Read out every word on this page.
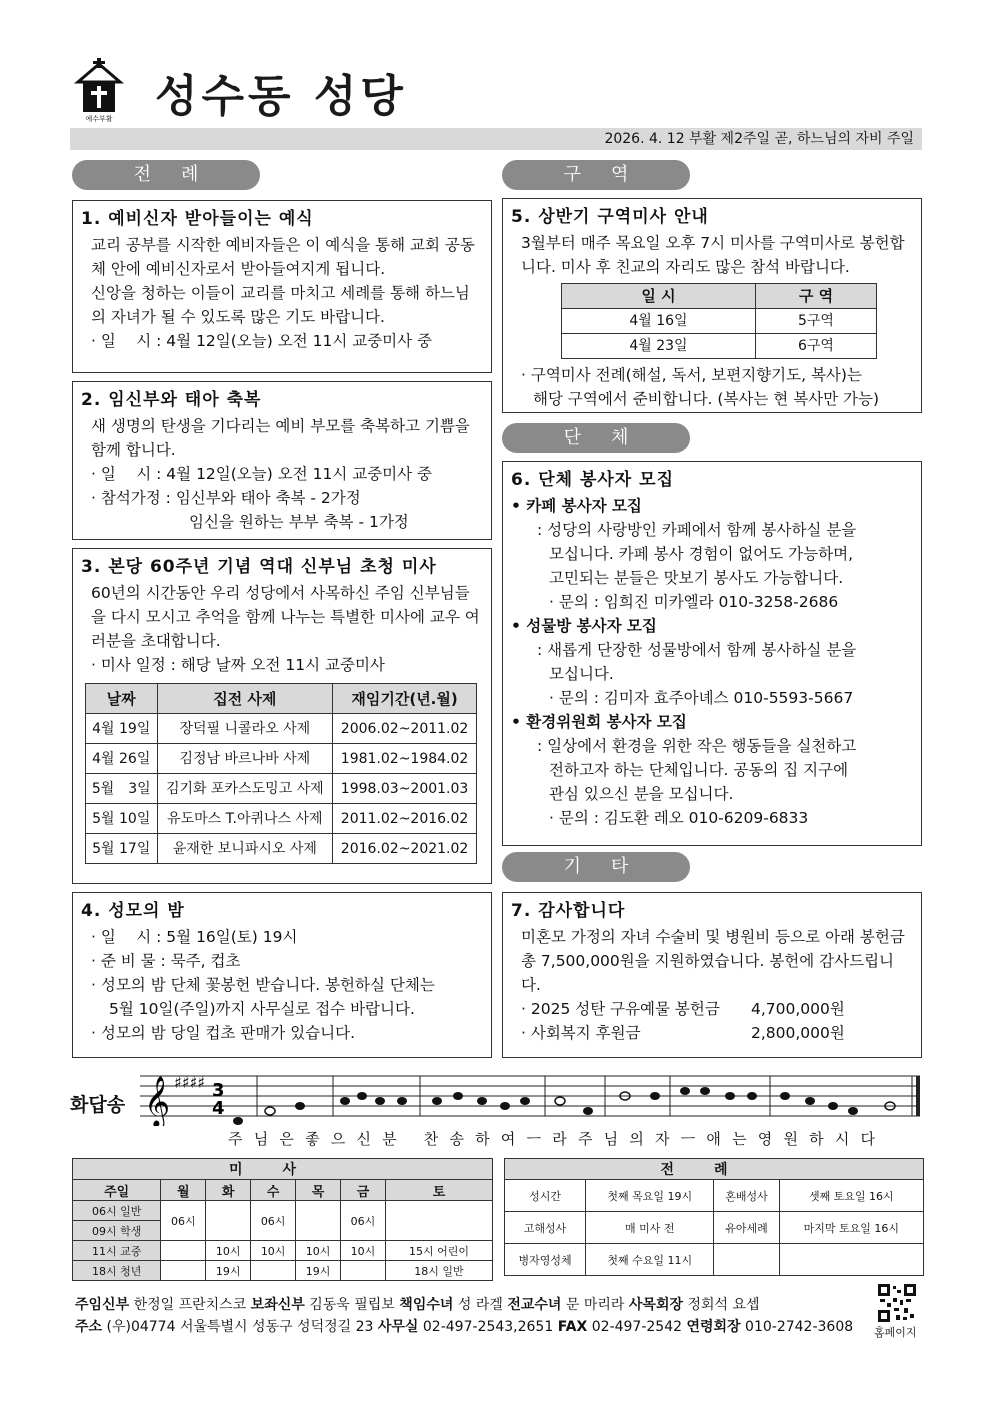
예수부활 성수동 성당
2026. 4. 12 부활 제2주일 곧, 하느님의 자비 주일
전례	구역
단체
기타
1. 예비신자 받아들이는 예식

교리 공부를 시작한 예비자들은 이 예식을 통해 교회 공동체 안에 예비신자로서 받아들여지게 됩니다.

신앙을 청하는 이들이 교리를 마치고 세례를 통해 하느님의 자녀가 될 수 있도록 많은 기도 바랍니다.

· 일　 시 : 4월 12일(오늘) 오전 11시 교중미사 중

2. 임신부와 태아 축복

새 생명의 탄생을 기다리는 예비 부모를 축복하고 기쁨을 함께 합니다.

· 일　 시 : 4월 12일(오늘) 오전 11시 교중미사 중

· 참석가정 : 임신부와 태아 축복 - 2가정

임신을 원하는 부부 축복 - 1가정

3. 본당 60주년 기념 역대 신부님 초청 미사

60년의 시간동안 우리 성당에서 사목하신 주임 신부님들을 다시 모시고 추억을 함께 나누는 특별한 미사에 교우 여러분을 초대합니다.

· 미사 일정 : 해당 날짜 오전 11시 교중미사

날짜	집전 사제	재임기간(년.월)
4월 19일	장덕필 니콜라오 사제	2006.02~2011.02
4월 26일	김정남 바르나바 사제	1981.02~1984.02
5월　3일	김기화 포카스도밍고 사제	1998.03~2001.03
5월 10일	유도마스 T.아퀴나스 사제	2011.02~2016.02
5월 17일	윤재한 보니파시오 사제	2016.02~2021.02
4. 성모의 밤

· 일　 시 : 5월 16일(토) 19시

· 준 비 물 : 묵주, 컵초

· 성모의 밤 단체 꽃봉헌 받습니다. 봉헌하실 단체는

5월 10일(주일)까지 사무실로 접수 바랍니다.

· 성모의 밤 당일 컵초 판매가 있습니다.

5. 상반기 구역미사 안내

3월부터 매주 목요일 오후 7시 미사를 구역미사로 봉헌합니다. 미사 후 친교의 자리도 많은 참석 바랍니다.

일 시	구 역
4월 16일	5구역
4월 23일	6구역

· 구역미사 전례(해설, 독서, 보편지향기도, 복사)는

해당 구역에서 준비합니다. (복사는 현 복사만 가능)

6. 단체 봉사자 모집

• 카페 봉사자 모집

: 성당의 사랑방인 카페에서 함께 봉사하실 분을

모십니다. 카페 봉사 경험이 없어도 가능하며,

고민되는 분들은 맛보기 봉사도 가능합니다.

· 문의 : 임희진 미카엘라 010-3258-2686

• 성물방 봉사자 모집

: 새롭게 단장한 성물방에서 함께 봉사하실 분을

모십니다.

· 문의 : 김미자 효주아녜스 010-5593-5667

• 환경위원회 봉사자 모집

: 일상에서 환경을 위한 작은 행동들을 실천하고

전하고자 하는 단체입니다. 공동의 집 지구에

관심 있으신 분을 모십니다.

· 문의 : 김도환 레오 010-6209-6833

7. 감사합니다

미혼모 가정의 자녀 수술비 및 병원비 등으로 아래 봉헌금 총 7,500,000원을 지원하였습니다. 봉헌에 감사드립니다.

· 2025 성탄 구유예물 봉헌금	4,700,000원

· 사회복지 후원금	2,800,000원

화답송 𝄞 ♯♯♯♯ 3
4
주님은좋으신분 찬송하여ㅡ라주님의자ㅡ애는영원하시다
미사						
주일	월	화	수	목	금	토
06시 일반	06시		06시		06시	
09시 학생						
11시 교중		10시	10시	10시	10시	15시 어린이
18시 청년		19시		19시		18시 일반
전례			
성시간	첫째 목요일 19시	혼배성사	셋째 토요일 16시
고해성사	매 미사 전	유아세례	마지막 토요일 16시
병자영성체	첫째 수요일 11시		
주임신부 한정일 프란치스코 보좌신부 김동욱 필립보 책임수녀 성 라겔 전교수녀 문 마리라 사목회장 정회석 요셉
주소 (우)04774 서울특별시 성동구 성덕정길 23 사무실 02-497-2543,2651 FAX 02-497-2542 연령회장 010-2742-3608 홈페이지
